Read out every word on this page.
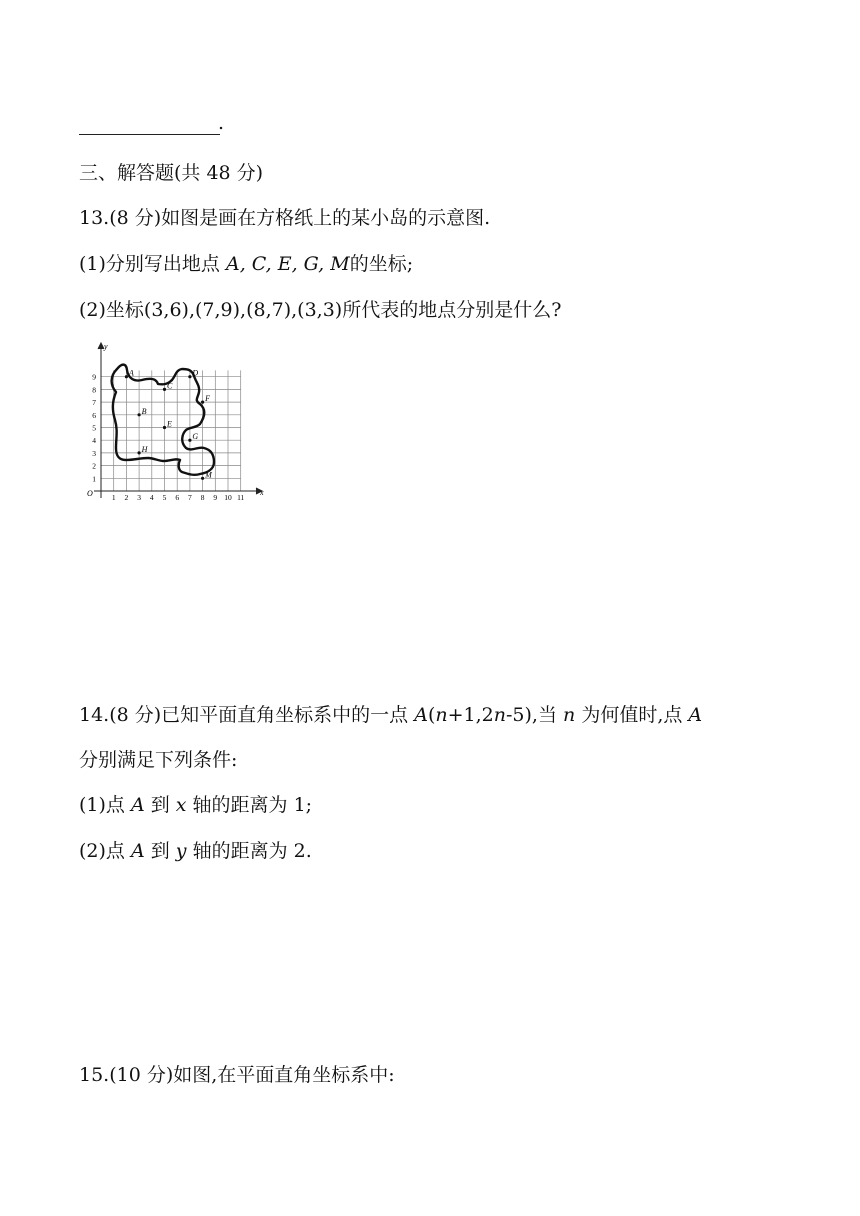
.
三、解答题(共 48 分)
13.(8 分)如图是画在方格纸上的某小岛的示意图.
(1)分别写出地点 A, C, E, G, M的坐标;
(2)坐标(3,6),(7,9),(8,7),(3,3)所代表的地点分别是什么?
y
x
O	1 2 3 4 5 6 7 8 9 10 11
1
2
3
4
5
6
7
8
9	A
B
C
D
E
F
G
H
M
14.(8 分)已知平面直角坐标系中的一点 A(n+1,2n-5),当 n 为何值时,点 A
分别满足下列条件:
(1)点 A 到 x 轴的距离为 1;
(2)点 A 到 y 轴的距离为 2.
15.(10 分)如图,在平面直角坐标系中:
